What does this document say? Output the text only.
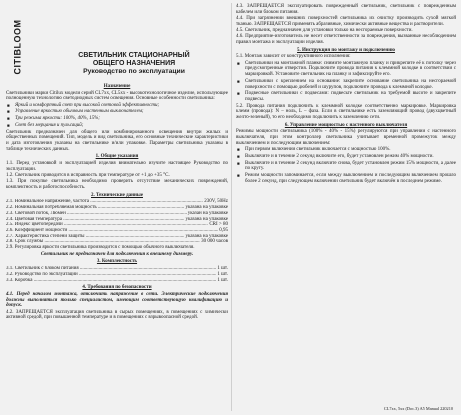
CITIBLOOM	СВЕТИЛЬНИК СТАЦИОНАРНЫЙ
ОБЩЕГО НАЗНАЧЕНИЯ
Руководство по эксплуатации
Назначение

Светильники марки Citilux модели серий CL7xx, CL5xx - высокотехнологичное изделие, использующее полноценную технологию светодиодных систем освещения. Основные особенности светильника:

■ Яркий и комфортный свет при высокой световой эффективности;
■ Управление яркостью обычным настенным выключателем;
■ Три режима яркости: 100%, 40%, 15%;
■ Свет без мерцания и пульсаций;

Светильник предназначен для общего или комбинированного освещения внутри жилых и общественных помещений. Тип, модель и вид светильника, его основные технические характеристики и дата изготовления указаны на светильнике и/или упаковке. Параметры светильника указаны в таблице технических данных.

1. Общие указания

1.1. Перед установкой и эксплуатацией изделия внимательно изучите настоящее Руководство по эксплуатации.

1.2. Светильник приводится в исправность при температуре от +1 до +35 °С.

1.3. При покупке светильника необходимо проверить отсутствие механических повреждений, комплектность и работоспособность.

2. Технические данные
2.1. Номинальное напряжение, частота .....	230V, 50Hz
2.2. Номинальная потребляемая мощность .....	указана на упаковке
2.3. Световой поток, Люмен .....	указан на упаковке
2.4. Цветовая температура .....	указана на упаковке
2.5. Индекс цветопередачи .....	CRI > 80
2.6. Коэффициент мощности .....	0,95
2.7. Характеристика степени защиты .....	указана на упаковке
2.8. Срок службы .....	30 000 часов

2.9. Регулировка яркости светильника производится с помощью обычного выключателя.

Светильник не предназначен для подключения к внешнему диммеру.
3. Комплектность
3.1. Светильник с блоком питания .....	1 шт.
3.2. Руководство по эксплуатации .....	1 шт.
3.3. Коробка .....	1 шт.
4. Требования по безопасности

4.1. Перед началом монтажа, отключить напряжение в сети. Электрические подключения должны выполняться только специалистом, имеющим соответствующую квалификацию и допуск.

4.2. ЗАПРЕЩАЕТСЯ эксплуатация светильника в сырых помещениях, в помещениях с химически активной средой, при повышенной температуре и в помещениях с взрывоопасной средой.

4.3. ЗАПРЕЩАЕТСЯ эксплуатировать поврежденный светильник, светильник с поврежденным кабелем или блоком питания.

4.4. При загрязнении внешних поверхностей светильника их очистку производить сухой мягкой тканью. ЗАПРЕЩАЕТСЯ применять абразивные, химически активные вещества и растворители.

4.5. Светильник, предназначен для установки только на несгораемые поверхности.

4.6. Предприятие-изготовитель не несет ответственности за повреждения, вызванные несоблюдением правил монтажа и эксплуатации изделия.

5. Инструкция по монтажу и подключению

5.1. Монтаж зависит от конструктивного исполнения:

■ Светильники на монтажной планке: снимите монтажную планку и прикрепите её к потолку через предусмотренные отверстия. Подключите провода питания к клеммной колодке в соответствии с маркировкой. Установите светильник на планку и зафиксируйте его.
■ Светильники с креплением на основание: закрепите основание светильника на несгораемой поверхности с помощью дюбелей и шурупов, подключите провода к клеммной колодке.
■ Подвесные светильники с подвесами: подвесьте светильник на требуемой высоте и закрепите подвесы.

5.2. Провода питания подключить к клеммной колодке соответственно маркировке. Маркировка клемм (провода): N – ноль, L – фаза. Если в светильнике есть заземляющий провод (двухцветный желто-зеленый), то его необходимо подключить к заземлению сети.

6. Управление мощностью с настенного выключателя

Режимы мощности светильника (100% - 40% - 15%) регулируются при управлении с настенного выключателя, при этом контроллер светильника учитывает временной промежуток между выключением и последующим включением:

■ При первом включении светильник включается с мощностью 100%.
■ Выключите и в течение 2 секунд включите его, будет установлен режим 40% мощности.
■ Выключите и в течение 2 секунд включите снова, будет установлен режим 15% мощности, а далее по кругу.
■ Режим мощности запоминается, если между выключением и последующим включением прошло более 2 секунд, при следующем включении светильник будет включён в последнем режиме.
CL7xx, 5xx (Doc.3) A5 Manual 220210
